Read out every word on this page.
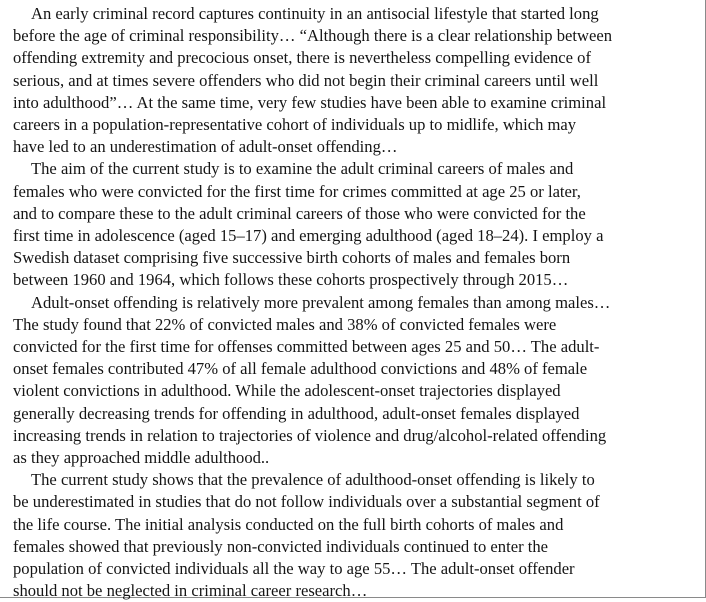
An early criminal record captures continuity in an antisocial lifestyle that started long
before the age of criminal responsibility… “Although there is a clear relationship between
offending extremity and precocious onset, there is nevertheless compelling evidence of
serious, and at times severe offenders who did not begin their criminal careers until well
into adulthood”… At the same time, very few studies have been able to examine criminal
careers in a population-representative cohort of individuals up to midlife, which may
have led to an underestimation of adult-onset offending…
The aim of the current study is to examine the adult criminal careers of males and
females who were convicted for the first time for crimes committed at age 25 or later,
and to compare these to the adult criminal careers of those who were convicted for the
first time in adolescence (aged 15–17) and emerging adulthood (aged 18–24). I employ a
Swedish dataset comprising five successive birth cohorts of males and females born
between 1960 and 1964, which follows these cohorts prospectively through 2015…
Adult-onset offending is relatively more prevalent among females than among males…
The study found that 22% of convicted males and 38% of convicted females were
convicted for the first time for offenses committed between ages 25 and 50… The adult-
onset females contributed 47% of all female adulthood convictions and 48% of female
violent convictions in adulthood. While the adolescent-onset trajectories displayed
generally decreasing trends for offending in adulthood, adult-onset females displayed
increasing trends in relation to trajectories of violence and drug/alcohol-related offending
as they approached middle adulthood..
The current study shows that the prevalence of adulthood-onset offending is likely to
be underestimated in studies that do not follow individuals over a substantial segment of
the life course. The initial analysis conducted on the full birth cohorts of males and
females showed that previously non-convicted individuals continued to enter the
population of convicted individuals all the way to age 55… The adult-onset offender
should not be neglected in criminal career research…
